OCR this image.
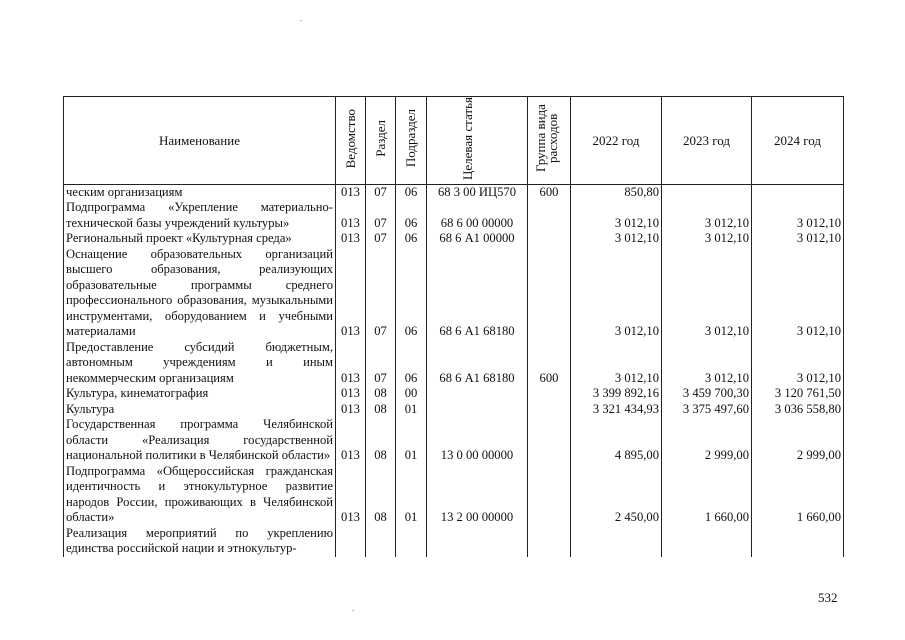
Наименование	Ведомство	Раздел	Подраздел	Целевая статья	Группа вида расходов	2022 год	2023 год	2024 год
ческим организациям	013	07	06	68 3 00 ИЦ570	600	850,80		
Подпрограмма «Укрепление материально-технической базы учреждений культуры»	013	07	06	68 6 00 00000		3 012,10	3 012,10	3 012,10
Региональный проект «Культурная среда»	013	07	06	68 6 А1 00000		3 012,10	3 012,10	3 012,10
Оснащение образовательных организаций высшего образования, реализующих образовательные программы среднего профессионального образования, музыкальными инструментами, оборудованием и учебными материалами	013	07	06	68 6 А1 68180		3 012,10	3 012,10	3 012,10
Предоставление субсидий бюджетным, автономным учреждениям и иным некоммерческим организациям	013	07	06	68 6 А1 68180	600	3 012,10	3 012,10	3 012,10
Культура, кинематография	013	08	00			3 399 892,16	3 459 700,30	3 120 761,50
Культура	013	08	01			3 321 434,93	3 375 497,60	3 036 558,80
Государственная программа Челябинской области «Реализация государственной национальной политики в Челябинской области»	013	08	01	13 0 00 00000		4 895,00	2 999,00	2 999,00
Подпрограмма «Общероссийская гражданская идентичность и этнокультурное развитие народов России, проживающих в Челябинской области»	013	08	01	13 2 00 00000		2 450,00	1 660,00	1 660,00
Реализация мероприятий по укреплению единства российской нации и этнокультур-								
532
